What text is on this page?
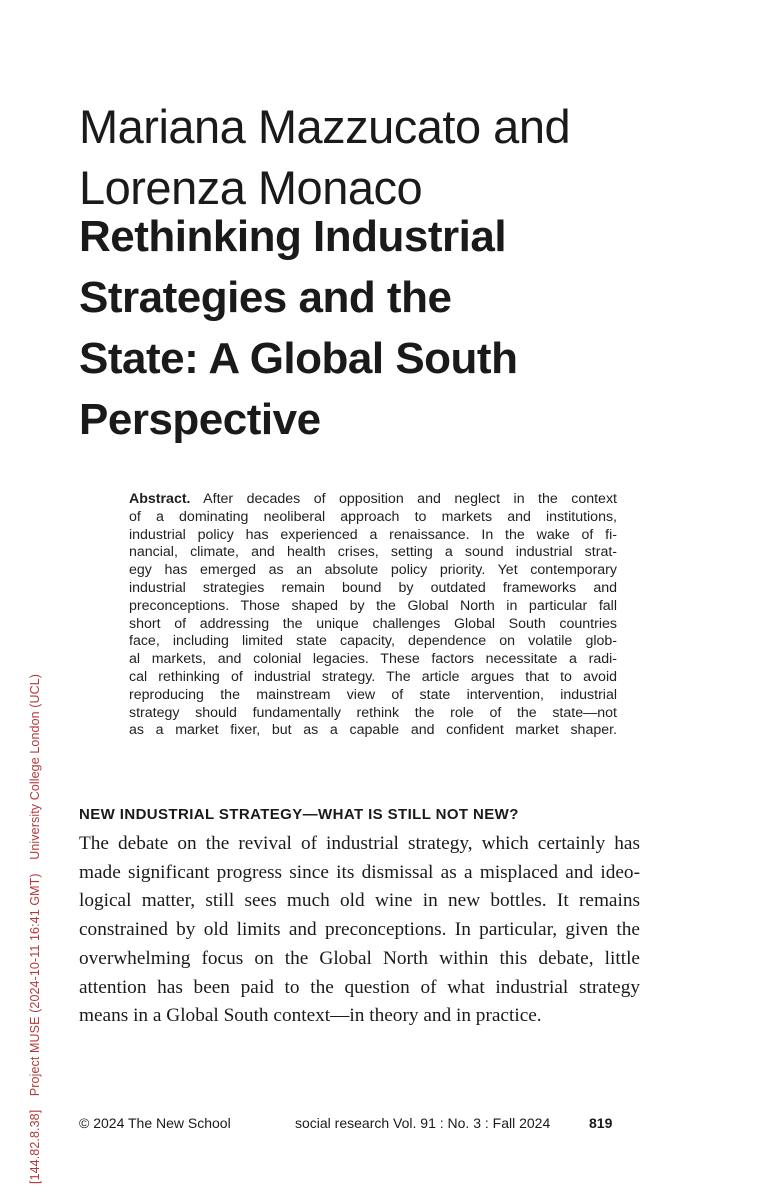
Mariana Mazzucato and
Lorenza Monaco
Rethinking Industrial
Strategies and the
State: A Global South
Perspective
Abstract. After decades of opposition and neglect in the context
of a dominating neoliberal approach to markets and institutions,
industrial policy has experienced a renaissance. In the wake of fi-
nancial, climate, and health crises, setting a sound industrial strat-
egy has emerged as an absolute policy priority. Yet contemporary
industrial strategies remain bound by outdated frameworks and
preconceptions. Those shaped by the Global North in particular fall
short of addressing the unique challenges Global South countries
face, including limited state capacity, dependence on volatile glob-
al markets, and colonial legacies. These factors necessitate a radi-
cal rethinking of industrial strategy. The article argues that to avoid
reproducing the mainstream view of state intervention, industrial
strategy should fundamentally rethink the role of the state—not
as a market fixer, but as a capable and confident market shaper.
NEW INDUSTRIAL STRATEGY—WHAT IS STILL NOT NEW?
The debate on the revival of industrial strategy, which certainly has
made significant progress since its dismissal as a misplaced and ideo-
logical matter, still sees much old wine in new bottles. It remains
constrained by old limits and preconceptions. In particular, given the
overwhelming focus on the Global North within this debate, little
attention has been paid to the question of what industrial strategy
means in a Global South context—in theory and in practice.
© 2024 The New School	social research Vol. 91 : No. 3 : Fall 2024	819
[144.82.8.38] Project MUSE (2024-10-11 16:41 GMT) University College London (UCL)
